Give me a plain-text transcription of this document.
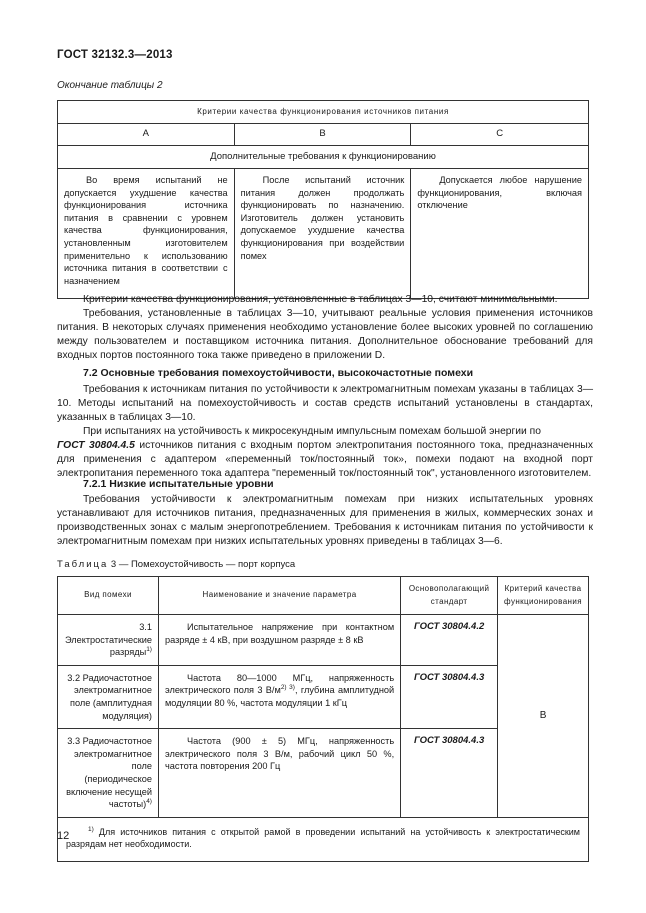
ГОСТ 32132.3—2013
Окончание таблицы 2
Критерии качества функционирования источников питания		
А	В	С
Дополнительные требования к функционированию		

Во время испытаний не допускается ухудшение качества функционирования источника питания в сравнении с уровнем качества функционирования, установленным изготовителем применительно к использованию источника питания в соответствии с назначением	После испытаний источник питания должен продолжать функционировать по назначению. Изготовитель должен установить допускаемое ухудшение качества функционирования при воздействии помех	Допускается любое нарушение функционирования, включая отключение

Критерии качества функционирования, установленные в таблицах 3—10, считают минимальными.

Требования, установленные в таблицах 3—10, учитывают реальные условия применения источников питания. В некоторых случаях применения необходимо установление более высоких уровней по соглашению между пользователем и поставщиком источника питания. Дополнительное обоснование требований для входных портов постоянного тока также приведено в приложении D.

7.2 Основные требования помехоустойчивости, высокочастотные помехи

Требования к источникам питания по устойчивости к электромагнитным помехам указаны в таблицах 3—10. Методы испытаний на помехоустойчивость и состав средств испытаний установлены в стандартах, указанных в таблицах 3—10.

При испытаниях на устойчивость к микросекундным импульсным помехам большой энергии по
ГОСТ 30804.4.5 источников питания с входным портом электропитания постоянного тока, предназначенных для применения с адаптером «переменный ток/постоянный ток», помехи подают на входной порт электропитания переменного тока адаптера "переменный ток/постоянный ток", установленного изготовителем.

7.2.1 Низкие испытательные уровни

Требования устойчивости к электромагнитным помехам при низких испытательных уровнях устанавливают для источников питания, предназначенных для применения в жилых, коммерческих зонах и производственных зонах с малым энергопотреблением. Требования к источникам питания по устойчивости к электромагнитным помехам при низких испытательных уровнях приведены в таблицах 3—6.

Таблица 3 — Помехоустойчивость — порт корпуса
Вид помехи	Наименование и значение параметра	Основополагающий стандарт	Критерий качества функционирования
3.1 Электростатические разряды$^{1)}$	Испытательное напряжение при контактном разряде ± 4 кВ, при воздушном разряде ± 8 кВ	ГОСТ 30804.4.2	В
3.2 Радиочастотное электромагнитное поле (амплитудная модуляция)	Частота 80—1000 МГц, напряженность электрического поля 3 $В/м^{2) 3)}$, глубина амплитудной модуляции 80 %, частота модуляции 1 кГц	ГОСТ 30804.4.3	
3.3 Радиочастотное электромагнитное поле (периодическое включение несущей частоты)$^{4)}$	Частота (900 ± 5) МГц, напряженность электрического поля 3 В/м, рабочий цикл 50 %, частота повторения 200 Гц	ГОСТ 30804.4.3	

$^{1)}$ Для источников питания с открытой рамой в проведении испытаний на устойчивость к электростатическим разрядам нет необходимости.			

12
